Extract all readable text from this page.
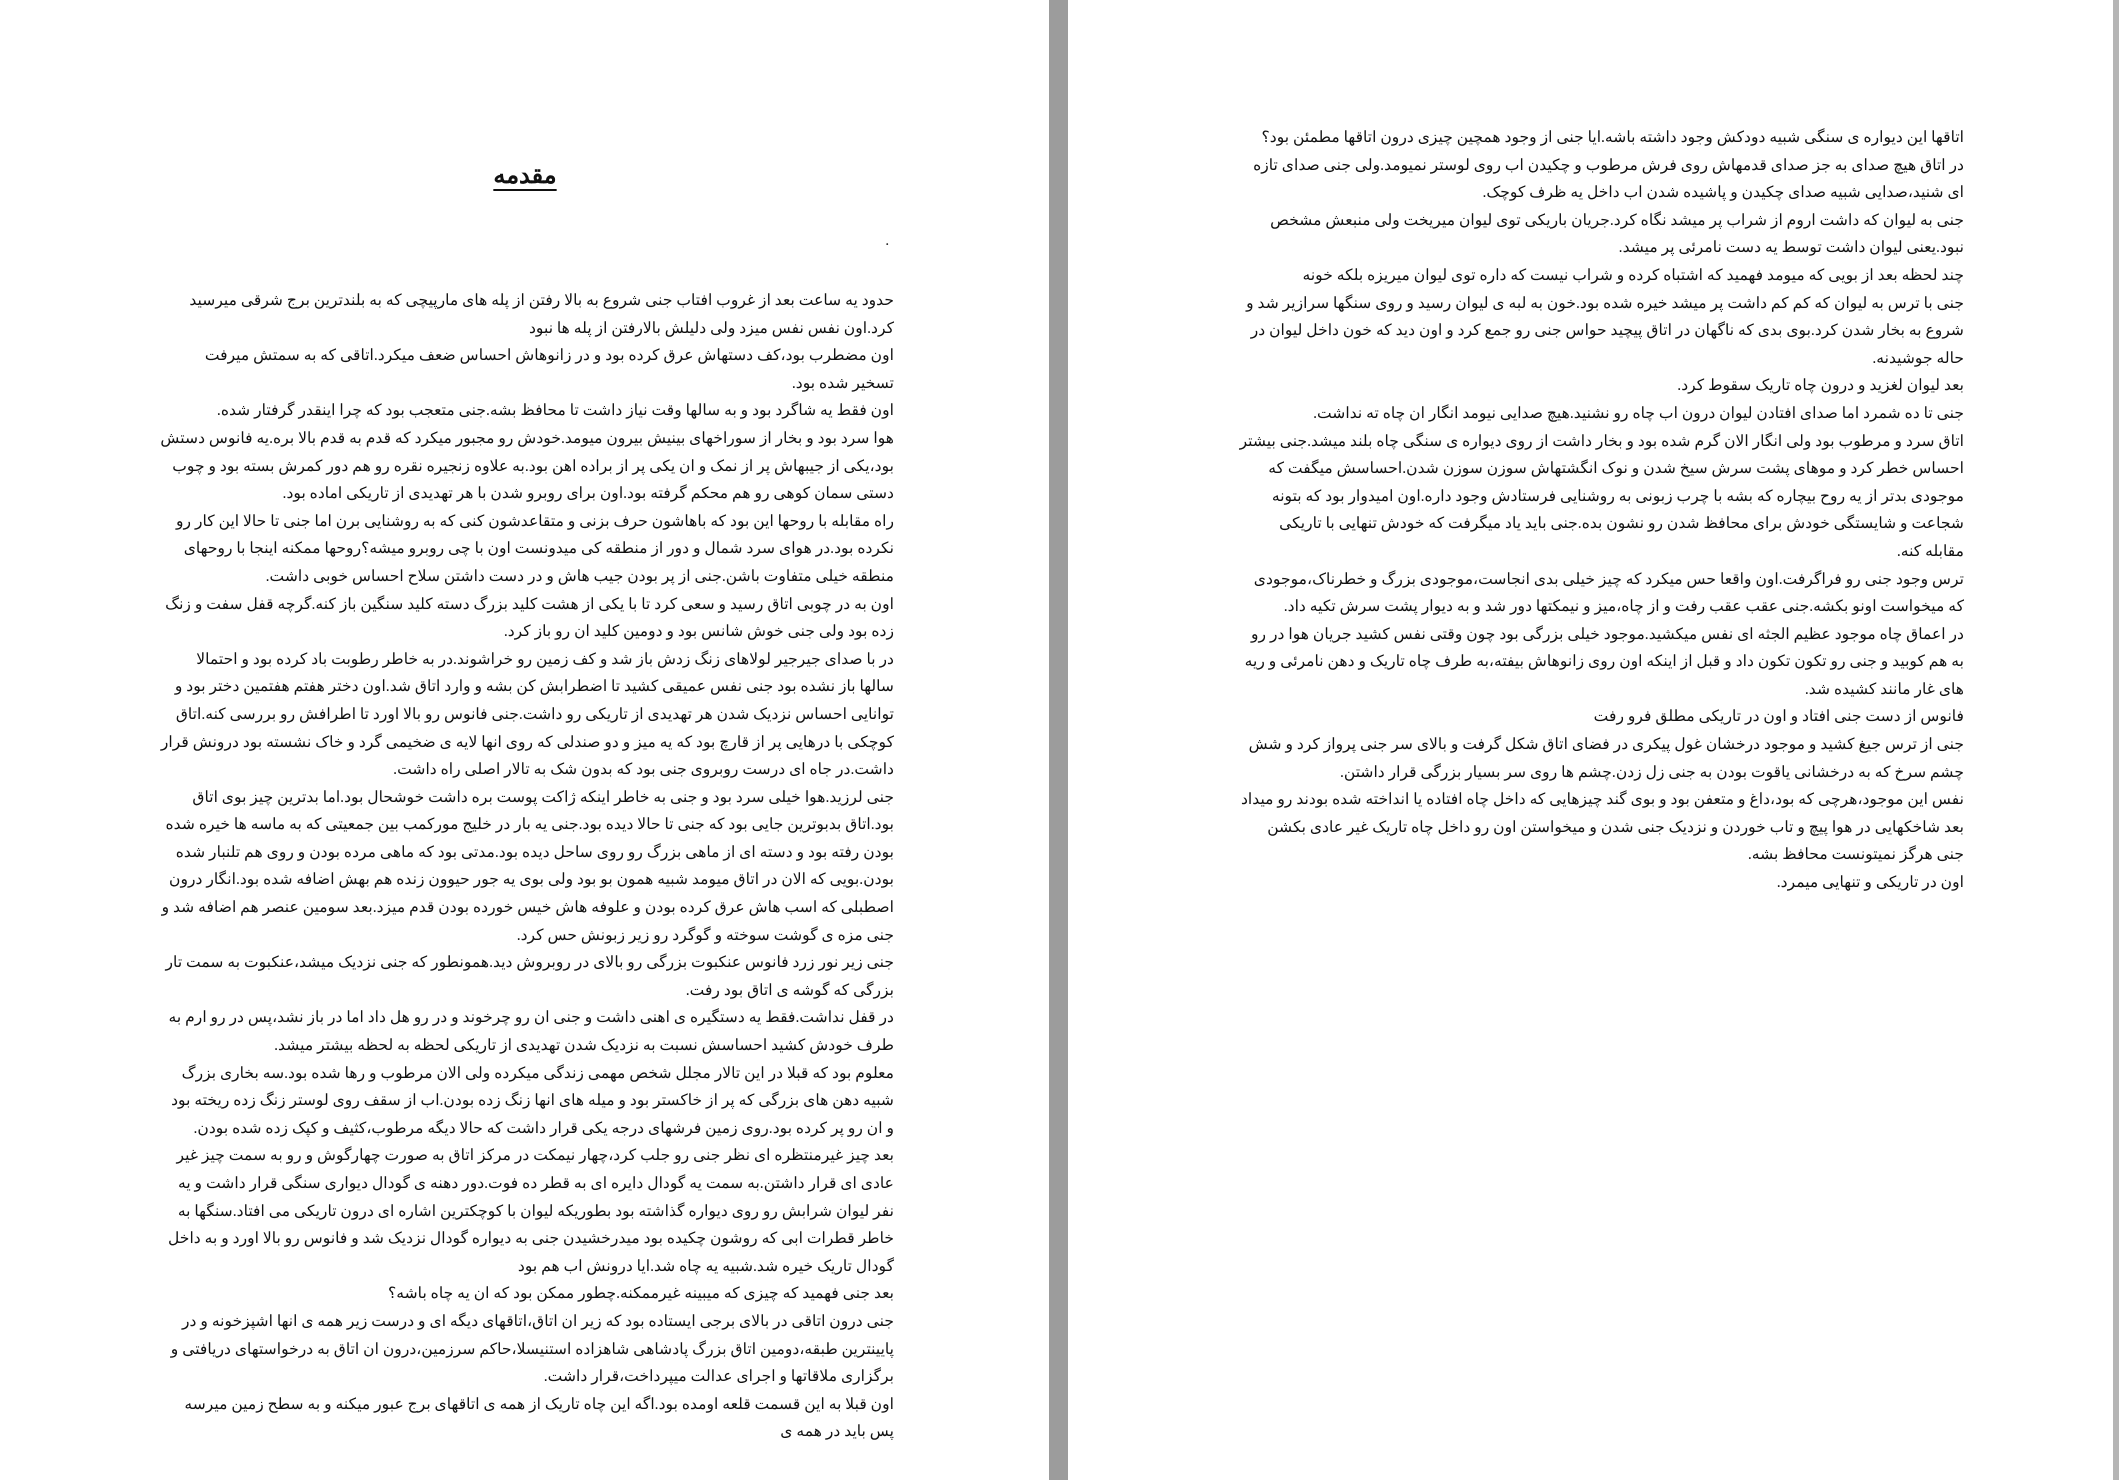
مقدمه
.

حدود یه ساعت بعد از غروب افتاب جنی شروع به بالا رفتن از پله های مارپیچی که به بلندترین برج شرقی میرسید کرد.اون نفس نفس میزد ولی دلیلش بالارفتن از پله ها نبود

اون مضطرب بود،کف دستهاش عرق کرده بود و در زانوهاش احساس ضعف میکرد.اتاقی که به سمتش میرفت تسخیر شده بود.

اون فقط یه شاگرد بود و به سالها وقت نیاز داشت تا محافظ بشه.جنی متعجب بود که چرا اینقدر گرفتار شده.

هوا سرد بود و بخار از سوراخهای بینیش بیرون میومد.خودش رو مجبور میکرد که قدم به قدم بالا بره.یه فانوس دستش بود،یکی از جیبهاش پر از نمک و ان یکی پر از براده اهن بود.به علاوه زنجیره نقره رو هم دور کمرش بسته بود و چوب دستی سمان کوهی رو هم محکم گرفته بود.اون برای روبرو شدن با هر تهدیدی از تاریکی اماده بود.

راه مقابله با روحها این بود که باهاشون حرف بزنی و متقاعدشون کنی که به روشنایی برن اما جنی تا حالا این کار رو نکرده بود.در هوای سرد شمال و دور از منطقه کی میدونست اون با چی روبرو میشه؟روحها ممکنه اینجا با روحهای منطقه خیلی متفاوت باشن.جنی از پر بودن جیب هاش و در دست داشتن سلاح احساس خوبی داشت.

اون به در چوبی اتاق رسید و سعی کرد تا با یکی از هشت کلید بزرگ دسته کلید سنگین باز کنه.گرچه قفل سفت و زنگ زده بود ولی جنی خوش شانس بود و دومین کلید ان رو باز کرد.

در با صدای جیرجیر لولاهای زنگ زدش باز شد و کف زمین رو خراشوند.در به خاطر رطوبت باد کرده بود و احتمالا سالها باز نشده بود جنی نفس عمیقی کشید تا اضطرابش کن بشه و وارد اتاق شد.اون دختر هفتم هفتمین دختر بود و توانایی احساس نزدیک شدن هر تهدیدی از تاریکی رو داشت.جنی فانوس رو بالا اورد تا اطرافش رو بررسی کنه.اتاق کوچکی با درهایی پر از قارچ بود که یه میز و دو صندلی که روی انها لایه ی ضخیمی گرد و خاک نشسته بود درونش قرار داشت.در جاه ای درست روبروی جنی بود که بدون شک به تالار اصلی راه داشت.

جنی لرزید.هوا خیلی سرد بود و جنی به خاطر اینکه ژاکت پوست بره داشت خوشحال بود.اما بدترین چیز بوی اتاق بود.اتاق بدبوترین جایی بود که جنی تا حالا دیده بود.جنی یه بار در خلیج مورکمب بین جمعیتی که به ماسه ها خیره شده بودن رفته بود و دسته ای از ماهی بزرگ رو روی ساحل دیده بود.مدتی بود که ماهی مرده بودن و روی هم تلنبار شده بودن.بویی که الان در اتاق میومد شبیه همون بو بود ولی بوی یه جور حیوون زنده هم بهش اضافه شده بود.انگار درون اصطبلی که اسب هاش عرق کرده بودن و علوفه هاش خیس خورده بودن قدم میزد.بعد سومین عنصر هم اضافه شد و جنی مزه ی گوشت سوخته و گوگرد رو زیر زبونش حس کرد.

جنی زیر نور زرد فانوس عنکبوت بزرگی رو بالای در روبروش دید.همونطور که جنی نزدیک میشد،عنکبوت به سمت تار بزرگی که گوشه ی اتاق بود رفت.

در قفل نداشت.فقط یه دستگیره ی اهنی داشت و جنی ان رو چرخوند و در رو هل داد اما در باز نشد،پس در رو ارم به طرف خودش کشید احساسش نسبت به نزدیک شدن تهدیدی از تاریکی لحظه به لحظه بیشتر میشد.

معلوم بود که قبلا در این تالار مجلل شخص مهمی زندگی میکرده ولی الان مرطوب و رها شده بود.سه بخاری بزرگ شبیه دهن های بزرگی که پر از خاکستر بود و میله های انها زنگ زده بودن.اب از سقف روی لوستر زنگ زده ریخته بود و ان رو پر کرده بود.روی زمین فرشهای درجه یکی قرار داشت که حالا دیگه مرطوب،کثیف و کپک زده شده بودن.

بعد چیز غیرمنتظره ای نظر جنی رو جلب کرد،چهار نیمکت در مرکز اتاق به صورت چهارگوش و رو به سمت چیز غیر عادی ای قرار داشتن.به سمت یه گودال دایره ای به قطر ده فوت.دور دهنه ی گودال دیواری سنگی قرار داشت و یه نفر لیوان شرابش رو روی دیواره گذاشته بود بطوریکه لیوان با کوچکترین اشاره ای درون تاریکی می افتاد.سنگها به خاطر قطرات ابی که روشون چکیده بود میدرخشیدن جنی به دیواره گودال نزدیک شد و فانوس رو بالا اورد و به داخل گودال تاریک خیره شد.شبیه یه چاه شد.ایا درونش اب هم بود

بعد جنی فهمید که چیزی که میبینه غیرممکنه.چطور ممکن بود که ان یه چاه باشه؟

جنی درون اتاقی در بالای برجی ایستاده بود که زیر ان اتاق،اتاقهای دیگه ای و درست زیر همه ی انها اشپزخونه و در پایینترین طبقه،دومین اتاق بزرگ پادشاهی شاهزاده استنیسلا،حاکم سرزمین،درون ان اتاق به درخواستهای دریافتی و برگزاری ملاقاتها و اجرای عدالت میپرداخت،قرار داشت.

اون قبلا به این قسمت قلعه اومده بود.اگه این چاه تاریک از همه ی اتاقهای برج عبور میکنه و به سطح زمین میرسه پس باید در همه ی

اتاقها این دیواره ی سنگی شبیه دودکش وجود داشته باشه.ایا جنی از وجود همچین چیزی درون اتاقها مطمئن بود؟

در اتاق هیچ صدای به جز صدای قدمهاش روی فرش مرطوب و چکیدن اب روی لوستر نمیومد.ولی جنی صدای تازه ای شنید،صدایی شبیه صدای چکیدن و پاشیده شدن اب داخل یه ظرف کوچک.

جنی به لیوان که داشت اروم از شراب پر میشد نگاه کرد.جریان باریکی توی لیوان میریخت ولی منبعش مشخص نبود.یعنی لیوان داشت توسط یه دست نامرئی پر میشد.

چند لحظه بعد از بویی که میومد فهمید که اشتباه کرده و شراب نیست که داره توی لیوان میریزه بلکه خونه

جنی با ترس به لیوان که کم کم داشت پر میشد خیره شده بود.خون به لبه ی لیوان رسید و روی سنگها سرازیر شد و شروع به بخار شدن کرد.بوی بدی که ناگهان در اتاق پیچید حواس جنی رو جمع کرد و اون دید که خون داخل لیوان در حاله جوشیدنه.

بعد لیوان لغزید و درون چاه تاریک سقوط کرد.

جنی تا ده شمرد اما صدای افتادن لیوان درون اب چاه رو نشنید.هیچ صدایی نیومد انگار ان چاه ته نداشت.

اتاق سرد و مرطوب بود ولی انگار الان گرم شده بود و بخار داشت از روی دیواره ی سنگی چاه بلند میشد.جنی بیشتر احساس خطر کرد و موهای پشت سرش سیخ شدن و نوک انگشتهاش سوزن سوزن شدن.احساسش میگفت که موجودی بدتر از یه روح بیچاره که بشه با چرب زبونی به روشنایی فرستادش وجود داره.اون امیدوار بود که بتونه شجاعت و شایستگی خودش برای محافظ شدن رو نشون بده.جنی باید یاد میگرفت که خودش تنهایی با تاریکی مقابله کنه.

ترس وجود جنی رو فراگرفت.اون واقعا حس میکرد که چیز خیلی بدی انجاست،موجودی بزرگ و خطرناک،موجودی که میخواست اونو بکشه.جنی عقب عقب رفت و از چاه،میز و نیمکتها دور شد و به دیوار پشت سرش تکیه داد.

در اعماق چاه موجود عظیم الجثه ای نفس میکشید.موجود خیلی بزرگی بود چون وقتی نفس کشید جریان هوا در رو به هم کوبید و جنی رو تکون تکون داد و قبل از اینکه اون روی زانوهاش بیفته،به طرف چاه تاریک و دهن نامرئی و ریه های غار مانند کشیده شد.

فانوس از دست جنی افتاد و اون در تاریکی مطلق فرو رفت

جنی از ترس جیغ کشید و موجود درخشان غول پیکری در فضای اتاق شکل گرفت و بالای سر جنی پرواز کرد و شش چشم سرخ که به درخشانی یاقوت بودن به جنی زل زدن.چشم ها روی سر بسیار بزرگی قرار داشتن.

نفس این موجود،هرچی که بود،داغ و متعفن بود و بوی گند چیزهایی که داخل چاه افتاده یا انداخته شده بودند رو میداد

بعد شاخکهایی در هوا پیچ و تاب خوردن و نزدیک جنی شدن و میخواستن اون رو داخل چاه تاریک غیر عادی بکشن

جنی هرگز نمیتونست محافظ بشه.

اون در تاریکی و تنهایی میمرد.
